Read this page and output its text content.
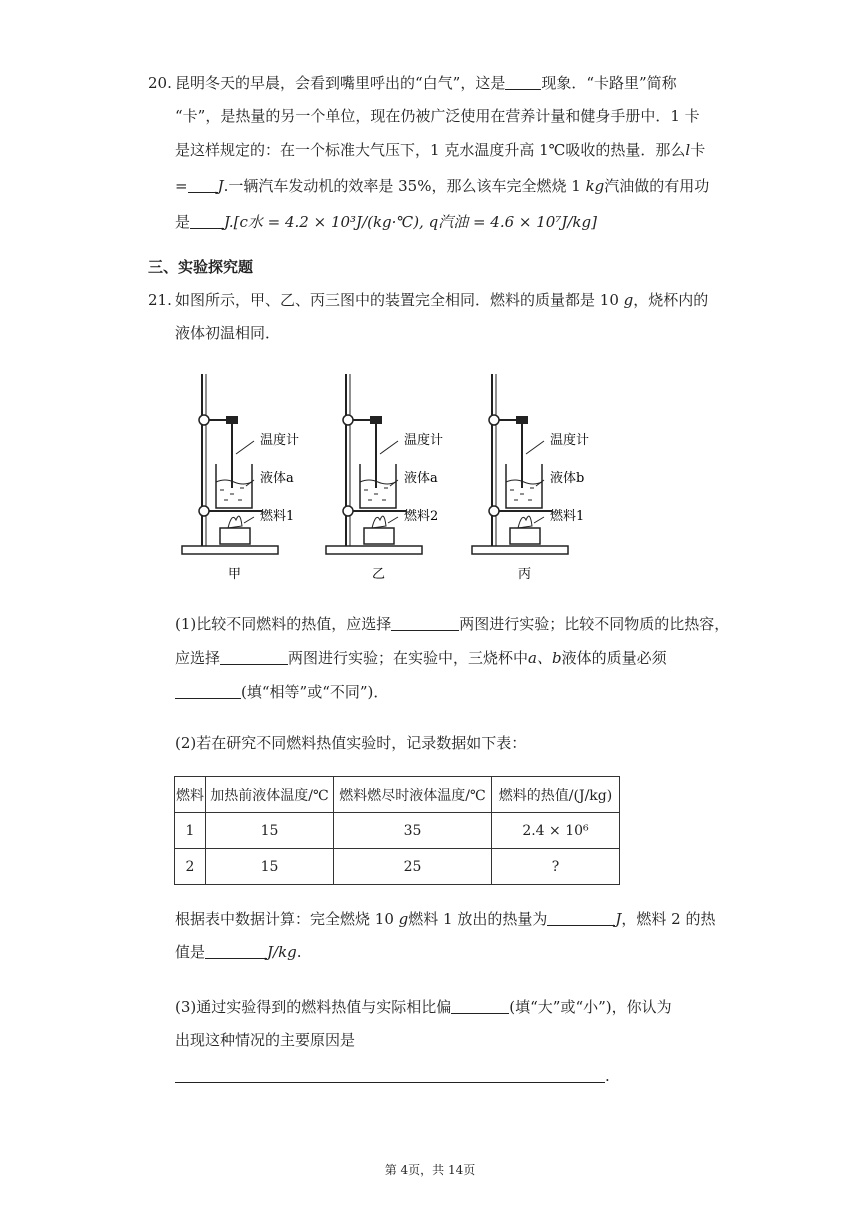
20. 昆明冬天的早晨，会看到嘴里呼出的“白气”，这是 现象．“卡路里”简称
“卡”，是热量的另一个单位，现在仍被广泛使用在营养计量和健身手册中．1 卡
是这样规定的：在一个标准大气压下，1 克水温度升高 1℃吸收的热量．那么l卡
= J.一辆汽车发动机的效率是 35%，那么该车完全燃烧 1 kg汽油做的有用功
是 J.[c水 = 4.2 × 10³J/(kg·℃), q汽油 = 4.6 × 10⁷J/kg]
三、实验探究题
21. 如图所示，甲、乙、丙三图中的装置完全相同．燃料的质量都是 10 g，烧杯内的
液体初温相同．
温度计
液体a
燃料1
甲
温度计
液体a
燃料2
乙
温度计
液体b
燃料1
丙
(1)比较不同燃料的热值，应选择	两图进行实验；比较不同物质的比热容，
应选择	两图进行实验；在实验中，三烧杯中a、b液体的质量必须
(填“相等”或“不同”)．
(2)若在研究不同燃料热值实验时，记录数据如下表：
燃料	加热前液体温度/℃	燃料燃尽时液体温度/℃	燃料的热值/(J/kg)
1	15	35	2.4 × 10⁶
2	15	25	?
根据表中数据计算：完全燃烧 10 g燃料 1 放出的热量为	J，燃料 2 的热
值是	J/kg.
(3)通过实验得到的燃料热值与实际相比偏	(填“大”或“小”)，你认为
出现这种情况的主要原因是
.
第 4页，共 14页
